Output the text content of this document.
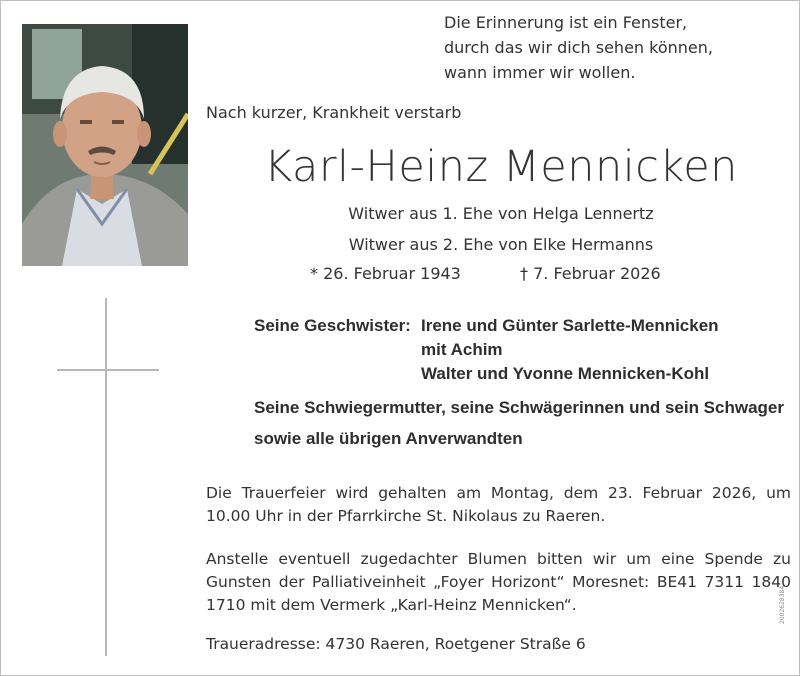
Die Erinnerung ist ein Fenster,
durch das wir dich sehen können,
wann immer wir wollen.
Nach kurzer, Krankheit verstarb
Karl-Heinz Mennicken
Witwer aus 1. Ehe von Helga Lennertz
Witwer aus 2. Ehe von Elke Hermanns
* 26. Februar 1943	† 7. Februar 2026
Seine Geschwister: Irene und Günter Sarlette-Mennicken
mit Achim
Walter und Yvonne Mennicken-Kohl
Seine Schwiegermutter, seine Schwägerinnen und sein Schwager
sowie alle übrigen Anverwandten
Die Trauerfeier wird gehalten am Montag, dem 23. Februar 2026, um 10.00 Uhr in der Pfarrkirche St. Nikolaus zu Raeren.
Anstelle eventuell zugedachter Blumen bitten wir um eine Spende zu Gunsten der Palliativeinheit „Foyer Horizont“ Moresnet: BE41 7311 1840 1710 mit dem Vermerk „Karl-Heinz Mennicken“.
Traueradresse: 4730 Raeren, Roetgener Straße 6
2002628384
